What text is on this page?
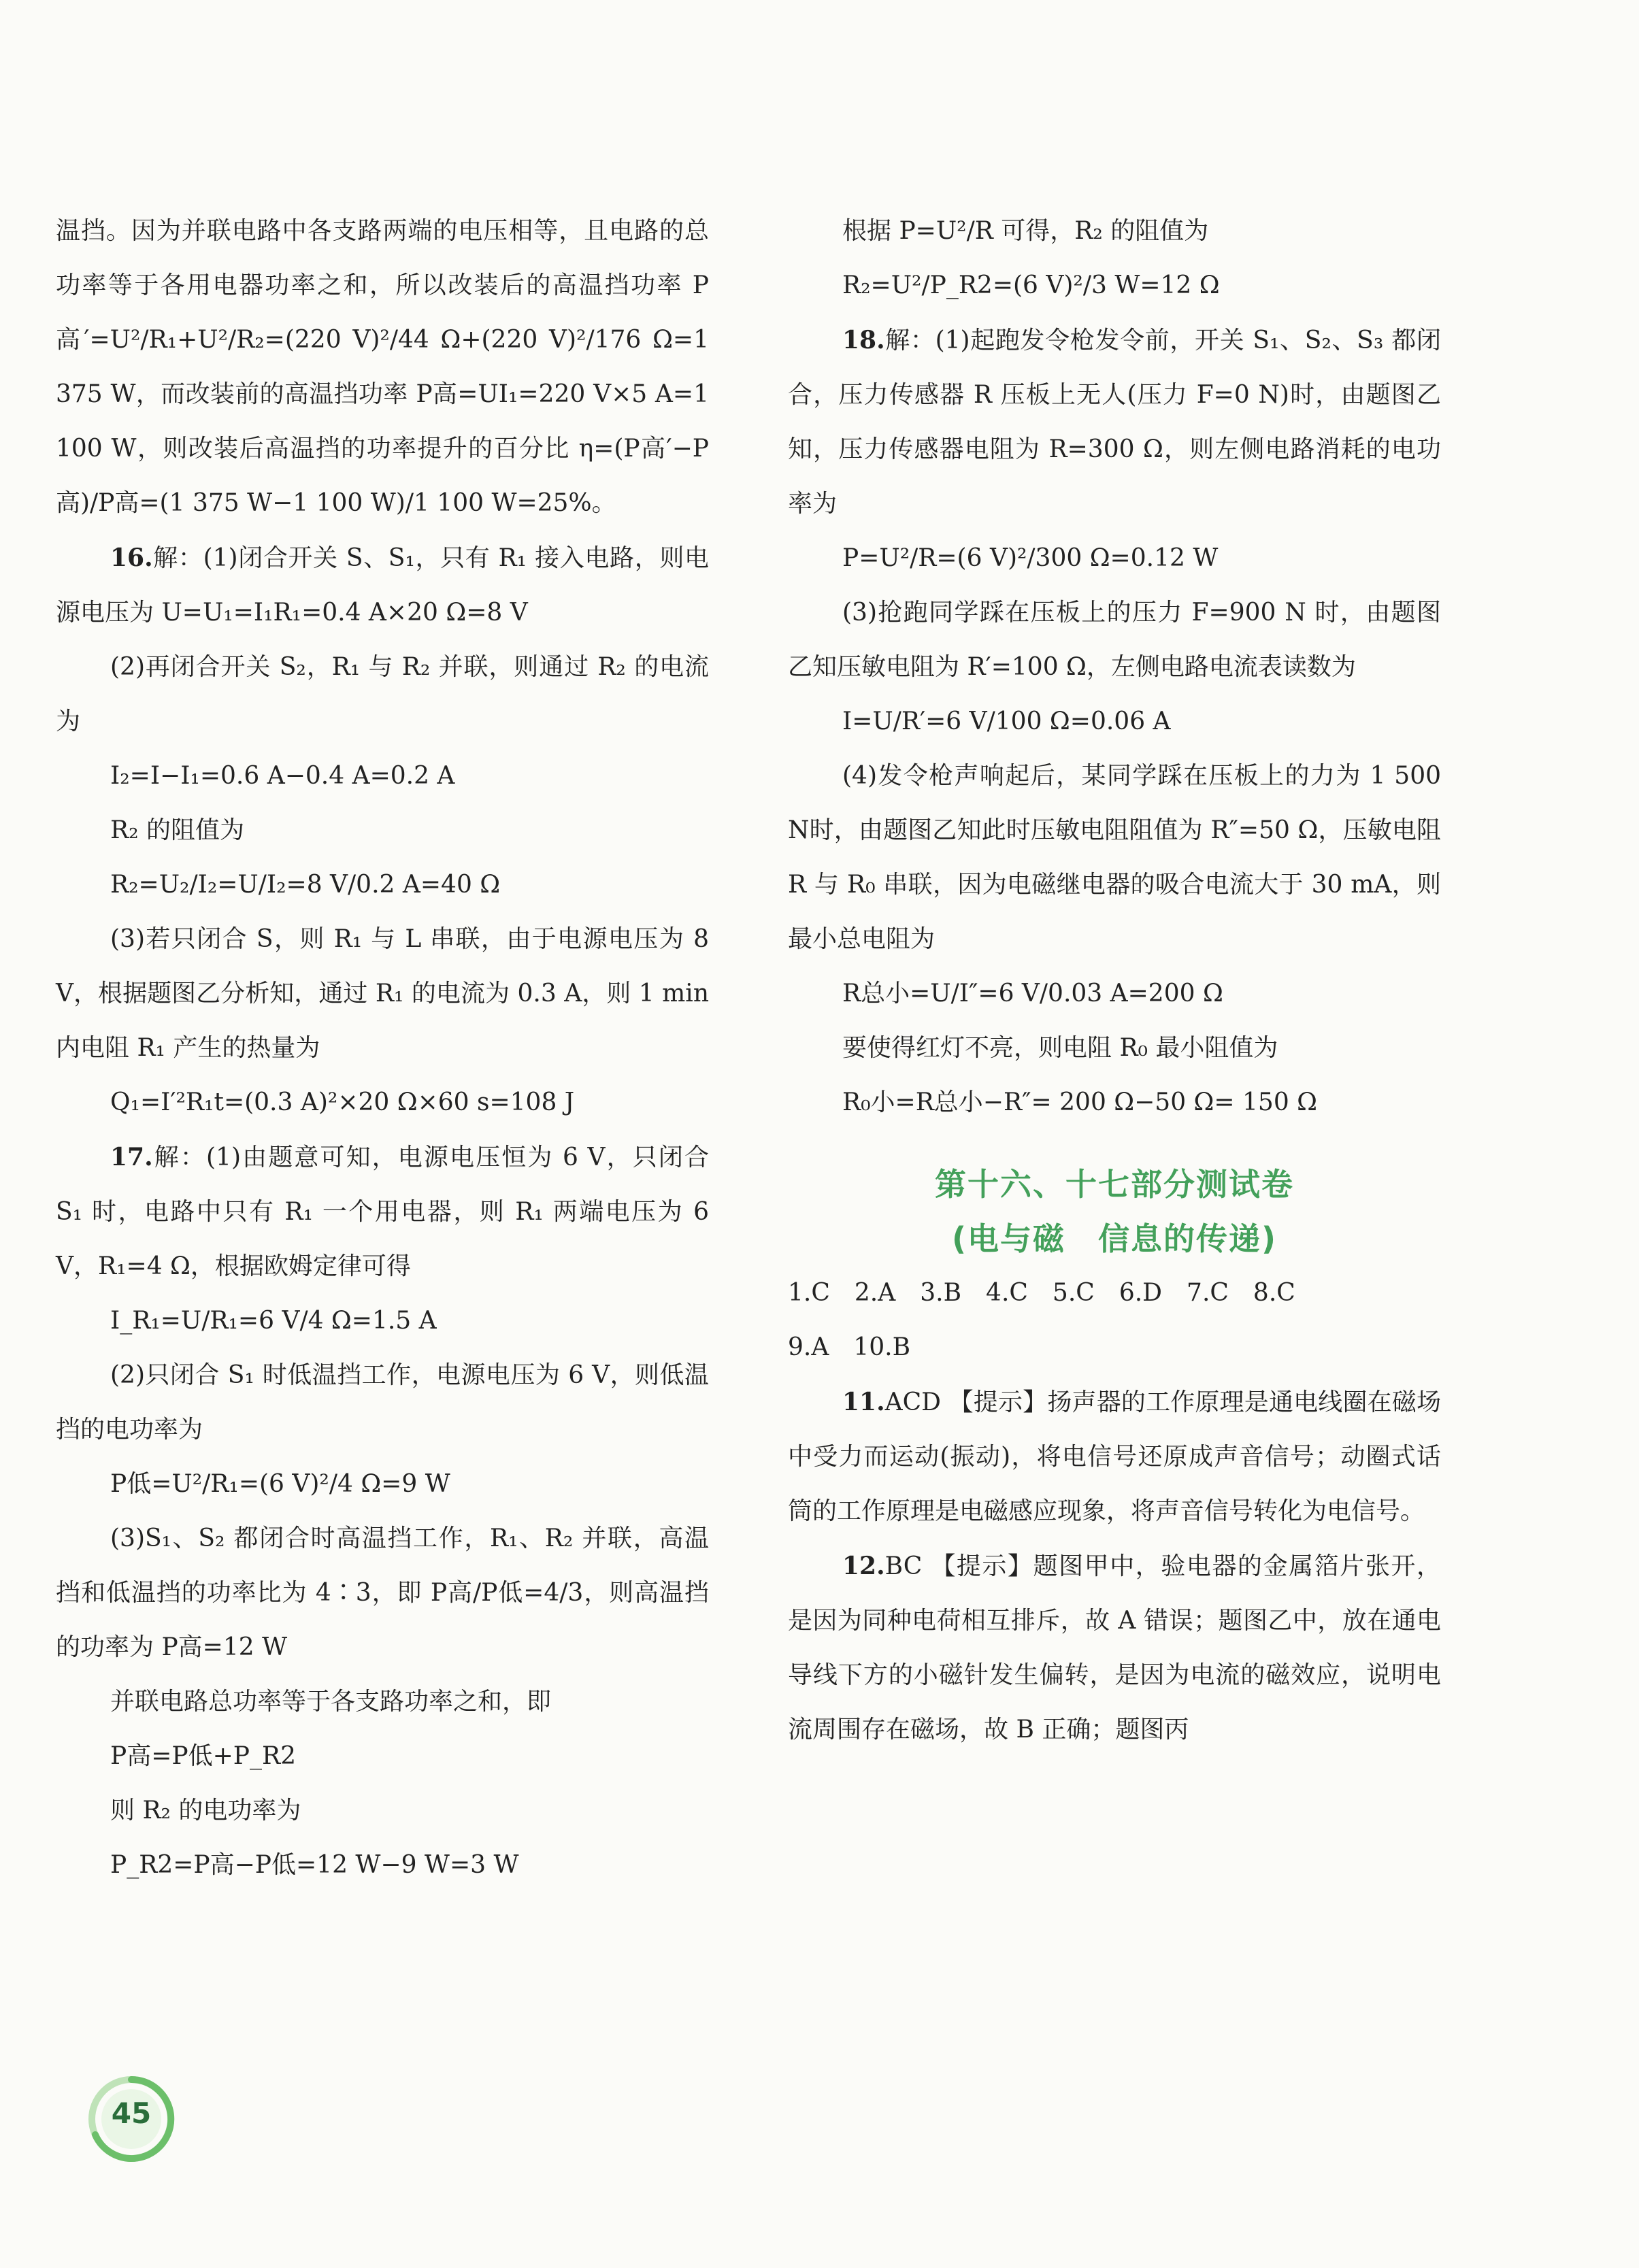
温挡。因为并联电路中各支路两端的电压相等，且电路的总功率等于各用电器功率之和，所以改装后的高温挡功率 P高′=U²/R₁+U²/R₂=(220 V)²/44 Ω+(220 V)²/176 Ω=1 375 W，而改装前的高温挡功率 P高=UI₁=220 V×5 A=1 100 W，则改装后高温挡的功率提升的百分比 η=(P高′−P高)/P高=(1 375 W−1 100 W)/1 100 W=25%。

16.解：(1)闭合开关 S、S₁，只有 R₁ 接入电路，则电源电压为 U=U₁=I₁R₁=0.4 A×20 Ω=8 V

(2)再闭合开关 S₂，R₁ 与 R₂ 并联，则通过 R₂ 的电流为

I₂=I−I₁=0.6 A−0.4 A=0.2 A

R₂ 的阻值为

R₂=U₂/I₂=U/I₂=8 V/0.2 A=40 Ω

(3)若只闭合 S，则 R₁ 与 L 串联，由于电源电压为 8 V，根据题图乙分析知，通过 R₁ 的电流为 0.3 A，则 1 min内电阻 R₁ 产生的热量为

Q₁=I′²R₁t=(0.3 A)²×20 Ω×60 s=108 J

17.解：(1)由题意可知，电源电压恒为 6 V，只闭合 S₁ 时，电路中只有 R₁ 一个用电器，则 R₁ 两端电压为 6 V，R₁=4 Ω，根据欧姆定律可得

I_R₁=U/R₁=6 V/4 Ω=1.5 A

(2)只闭合 S₁ 时低温挡工作，电源电压为 6 V，则低温挡的电功率为

P低=U²/R₁=(6 V)²/4 Ω=9 W

(3)S₁、S₂ 都闭合时高温挡工作，R₁、R₂ 并联，高温挡和低温挡的功率比为 4∶3，即 P高/P低=4/3，则高温挡的功率为 P高=12 W

并联电路总功率等于各支路功率之和，即

P高=P低+P_R2

则 R₂ 的电功率为

P_R2=P高−P低=12 W−9 W=3 W

根据 P=U²/R 可得，R₂ 的阻值为

R₂=U²/P_R2=(6 V)²/3 W=12 Ω

18.解：(1)起跑发令枪发令前，开关 S₁、S₂、S₃ 都闭合，压力传感器 R 压板上无人(压力 F=0 N)时，由题图乙知，压力传感器电阻为 R=300 Ω，则左侧电路消耗的电功率为

P=U²/R=(6 V)²/300 Ω=0.12 W

(3)抢跑同学踩在压板上的压力 F=900 N 时，由题图乙知压敏电阻为 R′=100 Ω，左侧电路电流表读数为

I=U/R′=6 V/100 Ω=0.06 A

(4)发令枪声响起后，某同学踩在压板上的力为 1 500 N时，由题图乙知此时压敏电阻阻值为 R″=50 Ω，压敏电阻 R 与 R₀ 串联，因为电磁继电器的吸合电流大于 30 mA，则最小总电阻为

R总小=U/I″=6 V/0.03 A=200 Ω

要使得红灯不亮，则电阻 R₀ 最小阻值为

R₀小=R总小−R″= 200 Ω−50 Ω= 150 Ω

第十六、十七部分测试卷
(电与磁　信息的传递)

1.C　2.A　3.B　4.C　5.C　6.D　7.C　8.C

9.A　10.B

11.ACD 【提示】扬声器的工作原理是通电线圈在磁场中受力而运动(振动)，将电信号还原成声音信号；动圈式话筒的工作原理是电磁感应现象，将声音信号转化为电信号。

12.BC 【提示】题图甲中，验电器的金属箔片张开，是因为同种电荷相互排斥，故 A 错误；题图乙中，放在通电导线下方的小磁针发生偏转，是因为电流的磁效应，说明电流周围存在磁场，故 B 正确；题图丙

45
